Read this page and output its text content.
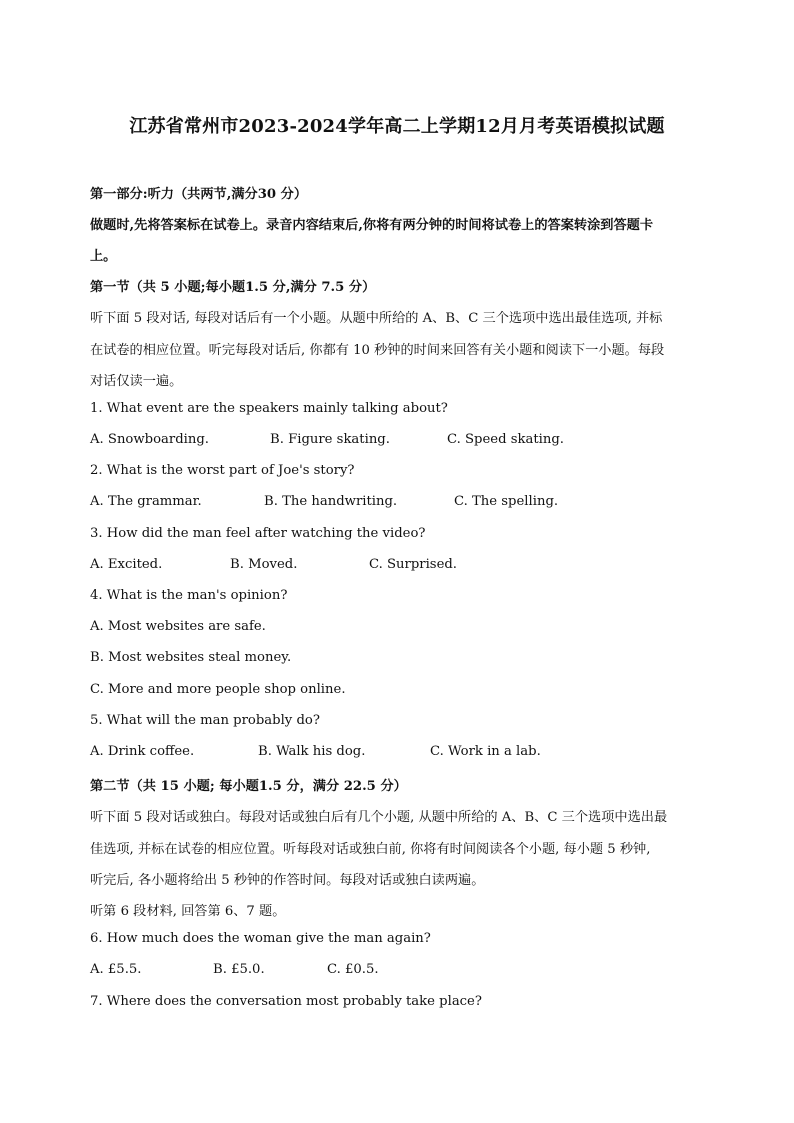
江苏省常州市2023-2024学年高二上学期12月月考英语模拟试题
第一部分:听力（共两节,满分30 分）
做题时,先将答案标在试卷上。录音内容结束后,你将有两分钟的时间将试卷上的答案转涂到答题卡
上。
第一节（共 5 小题;每小题1.5 分,满分 7.5 分）
听下面 5 段对话, 每段对话后有一个小题。从题中所给的 A、B、C 三个选项中选出最佳选项, 并标
在试卷的相应位置。听完每段对话后, 你都有 10 秒钟的时间来回答有关小题和阅读下一小题。每段
对话仅读一遍。
1. What event are the speakers mainly talking about?
A. Snowboarding.	B. Figure skating.	C. Speed skating.
2. What is the worst part of Joe's story?
A. The grammar.	B. The handwriting.	C. The spelling.
3. How did the man feel after watching the video?
A. Excited.	B. Moved.	C. Surprised.
4. What is the man's opinion?
A. Most websites are safe.
B. Most websites steal money.
C. More and more people shop online.
5. What will the man probably do?
A. Drink coffee.	B. Walk his dog.	C. Work in a lab.
第二节（共 15 小题; 每小题1.5 分，满分 22.5 分）
听下面 5 段对话或独白。每段对话或独白后有几个小题, 从题中所给的 A、B、C 三个选项中选出最
佳选项, 并标在试卷的相应位置。听每段对话或独白前, 你将有时间阅读各个小题, 每小题 5 秒钟,
听完后, 各小题将给出 5 秒钟的作答时间。每段对话或独白读两遍。
听第 6 段材料, 回答第 6、7 题。
6. How much does the woman give the man again?
A. £5.5.	B. £5.0.	C. £0.5.
7. Where does the conversation most probably take place?
